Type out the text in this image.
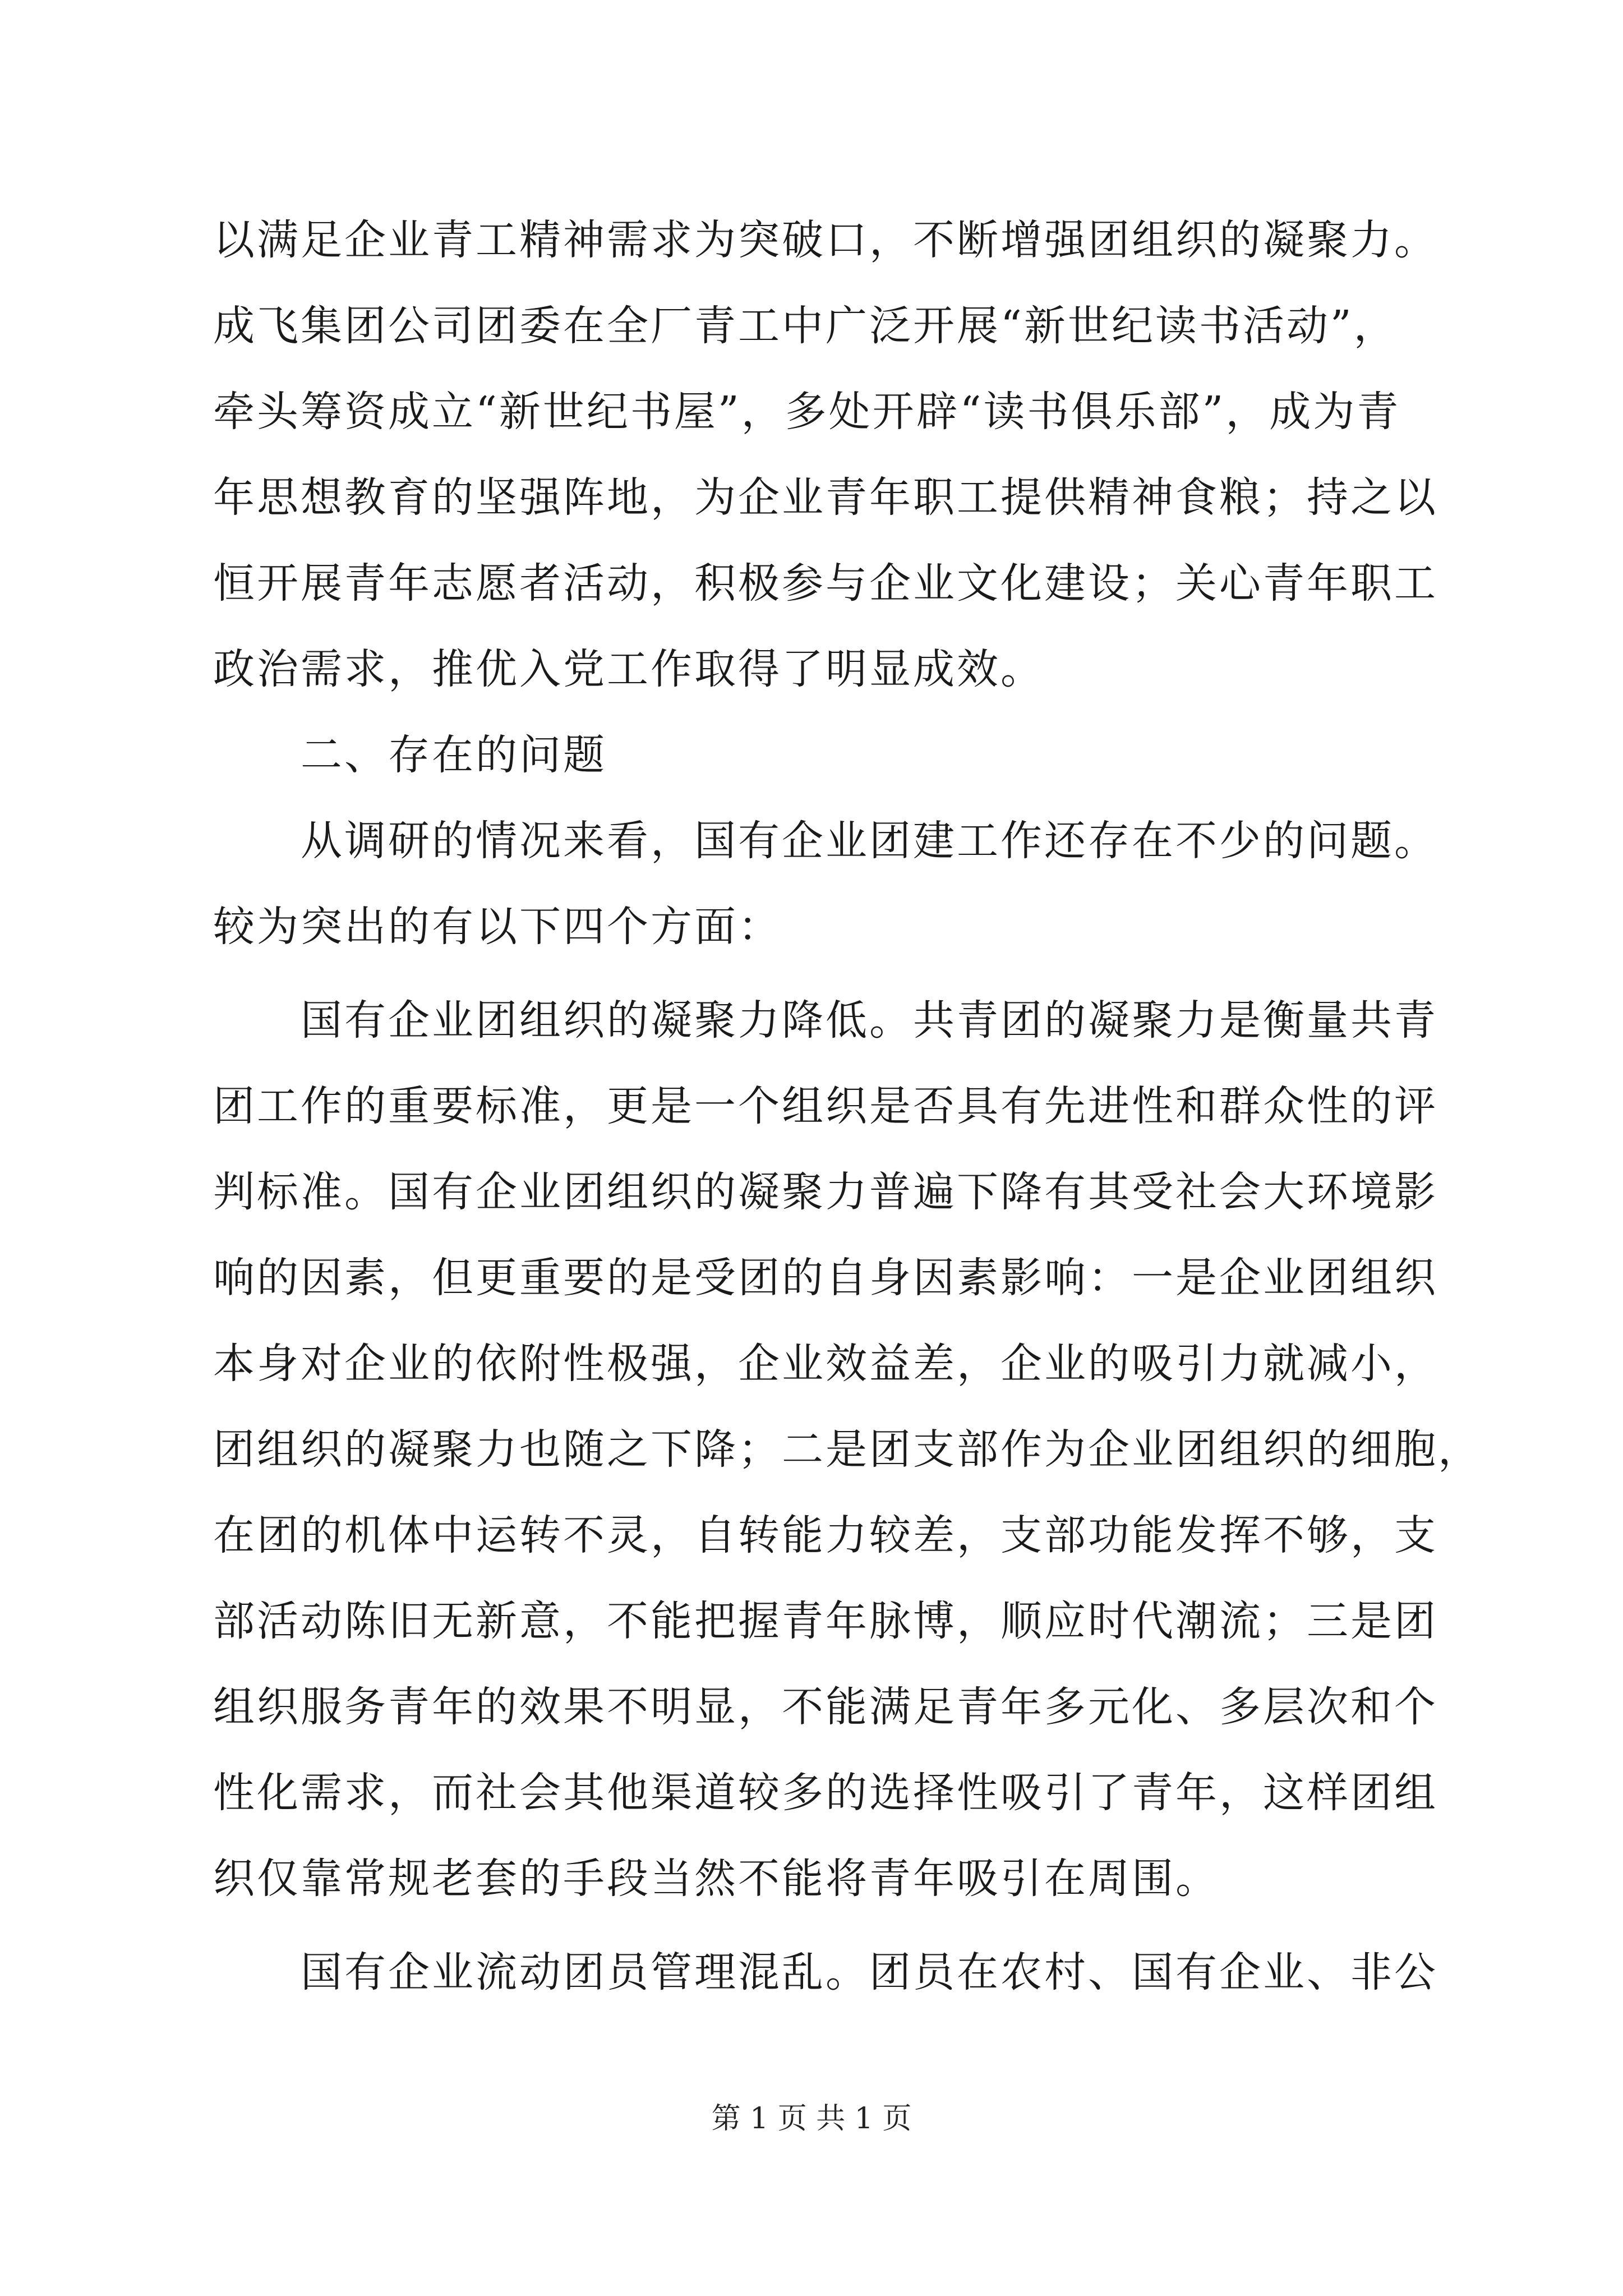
以满足企业青工精神需求为突破口，不断增强团组织的凝聚力。
成飞集团公司团委在全厂青工中广泛开展“新世纪读书活动”，
牵头筹资成立“新世纪书屋”，多处开辟“读书俱乐部”，成为青
年思想教育的坚强阵地，为企业青年职工提供精神食粮；持之以
恒开展青年志愿者活动，积极参与企业文化建设；关心青年职工
政治需求，推优入党工作取得了明显成效。
二、存在的问题
从调研的情况来看，国有企业团建工作还存在不少的问题。
较为突出的有以下四个方面：
国有企业团组织的凝聚力降低。共青团的凝聚力是衡量共青
团工作的重要标准，更是一个组织是否具有先进性和群众性的评
判标准。国有企业团组织的凝聚力普遍下降有其受社会大环境影
响的因素，但更重要的是受团的自身因素影响：一是企业团组织
本身对企业的依附性极强，企业效益差，企业的吸引力就减小，
团组织的凝聚力也随之下降；二是团支部作为企业团组织的细胞，
在团的机体中运转不灵，自转能力较差，支部功能发挥不够，支
部活动陈旧无新意，不能把握青年脉博，顺应时代潮流；三是团
组织服务青年的效果不明显，不能满足青年多元化、多层次和个
性化需求，而社会其他渠道较多的选择性吸引了青年，这样团组
织仅靠常规老套的手段当然不能将青年吸引在周围。
国有企业流动团员管理混乱。团员在农村、国有企业、非公
第 1 页 共 1 页
